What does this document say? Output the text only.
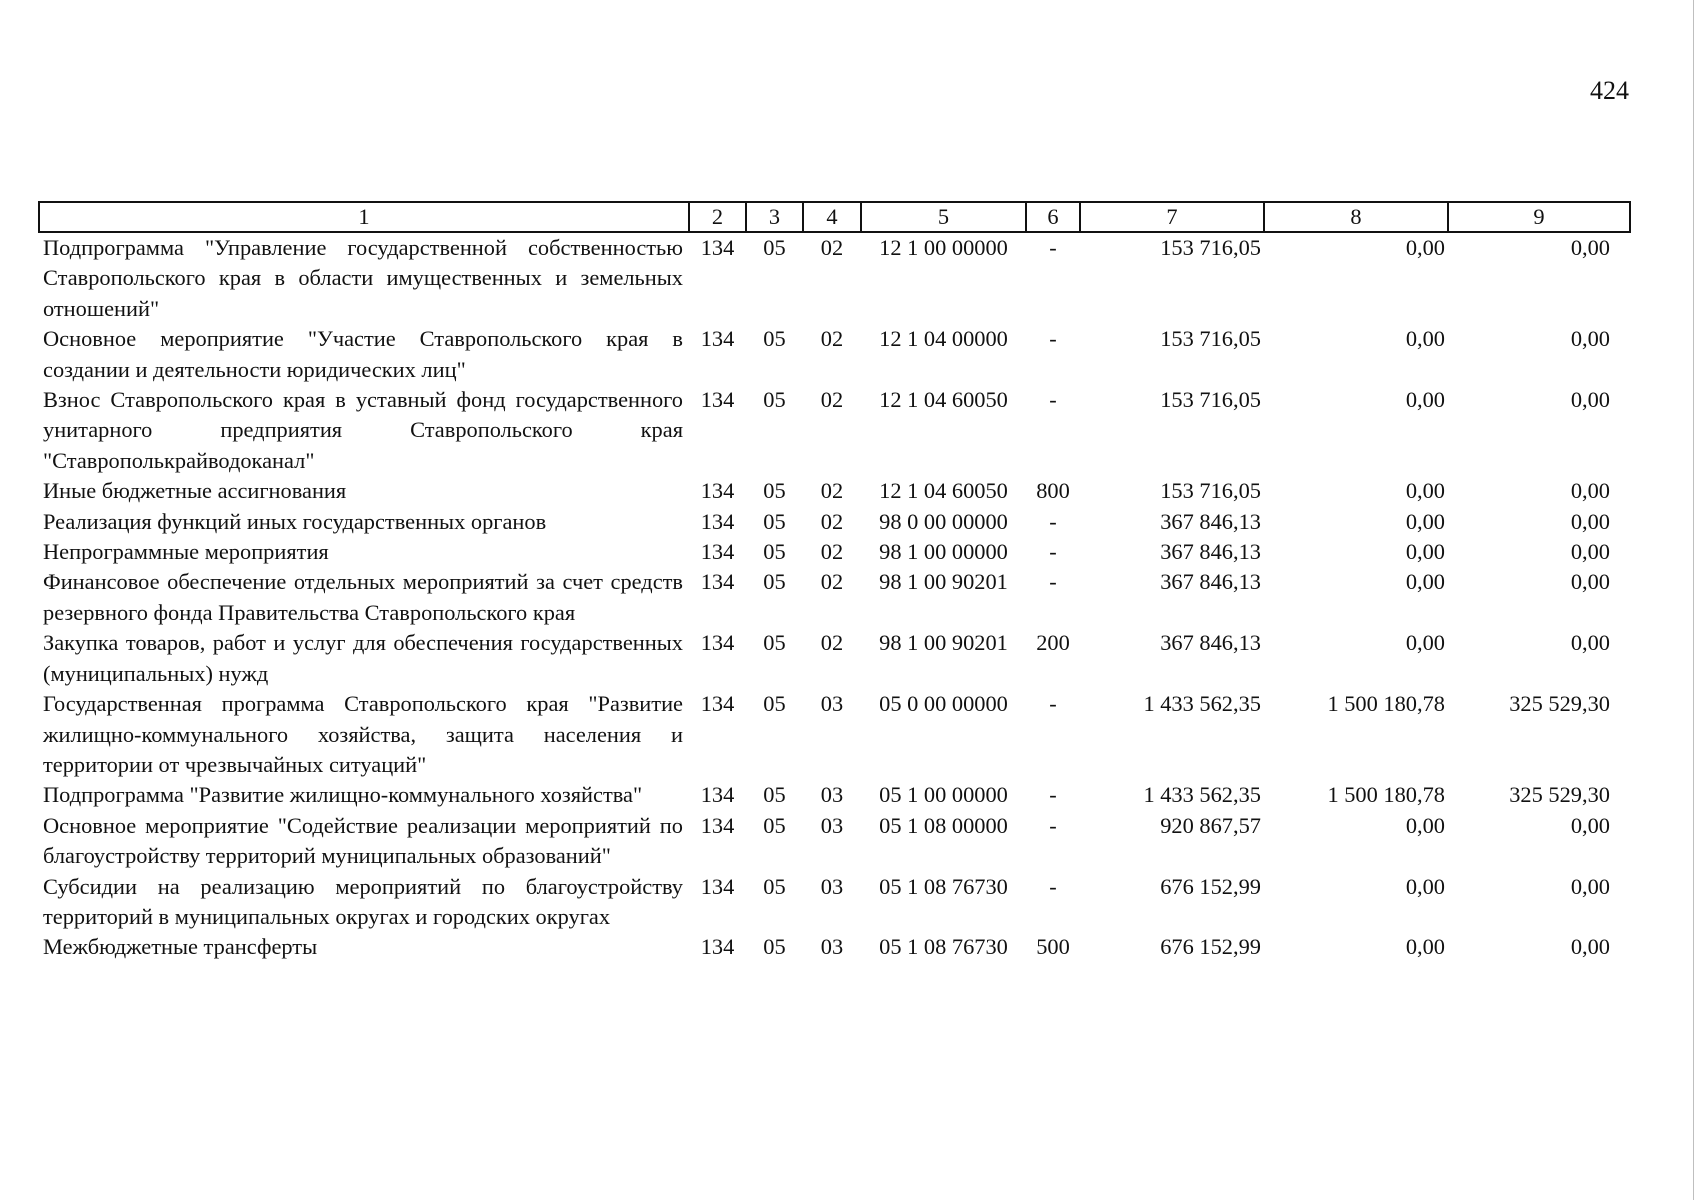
424
1	2	3	4	5	6	7	8	9
Подпрограмма "Управление государственной собственностью Ставропольского края в области имущественных и земельных отношений"	134	05	02	12 1 00 00000	-	153 716,05	0,00	0,00
Основное мероприятие "Участие Ставропольского края в создании и деятельности юридических лиц"	134	05	02	12 1 04 00000	-	153 716,05	0,00	0,00
Взнос Ставропольского края в уставный фонд государственного унитарного предприятия Ставропольского края "Ставрополькрайводоканал"	134	05	02	12 1 04 60050	-	153 716,05	0,00	0,00
Иные бюджетные ассигнования	134	05	02	12 1 04 60050	800	153 716,05	0,00	0,00
Реализация функций иных государственных органов	134	05	02	98 0 00 00000	-	367 846,13	0,00	0,00
Непрограммные мероприятия	134	05	02	98 1 00 00000	-	367 846,13	0,00	0,00
Финансовое обеспечение отдельных мероприятий за счет средств резервного фонда Правительства Ставропольского края	134	05	02	98 1 00 90201	-	367 846,13	0,00	0,00
Закупка товаров, работ и услуг для обеспечения государственных (муниципальных) нужд	134	05	02	98 1 00 90201	200	367 846,13	0,00	0,00
Государственная программа Ставропольского края "Развитие жилищно-коммунального хозяйства, защита населения и территории от чрезвычайных ситуаций"	134	05	03	05 0 00 00000	-	1 433 562,35	1 500 180,78	325 529,30
Подпрограмма "Развитие жилищно-коммунального хозяйства"	134	05	03	05 1 00 00000	-	1 433 562,35	1 500 180,78	325 529,30
Основное мероприятие "Содействие реализации мероприятий по благоустройству территорий муниципальных образований"	134	05	03	05 1 08 00000	-	920 867,57	0,00	0,00
Субсидии на реализацию мероприятий по благоустройству территорий в муниципальных округах и городских округах	134	05	03	05 1 08 76730	-	676 152,99	0,00	0,00
Межбюджетные трансферты	134	05	03	05 1 08 76730	500	676 152,99	0,00	0,00
